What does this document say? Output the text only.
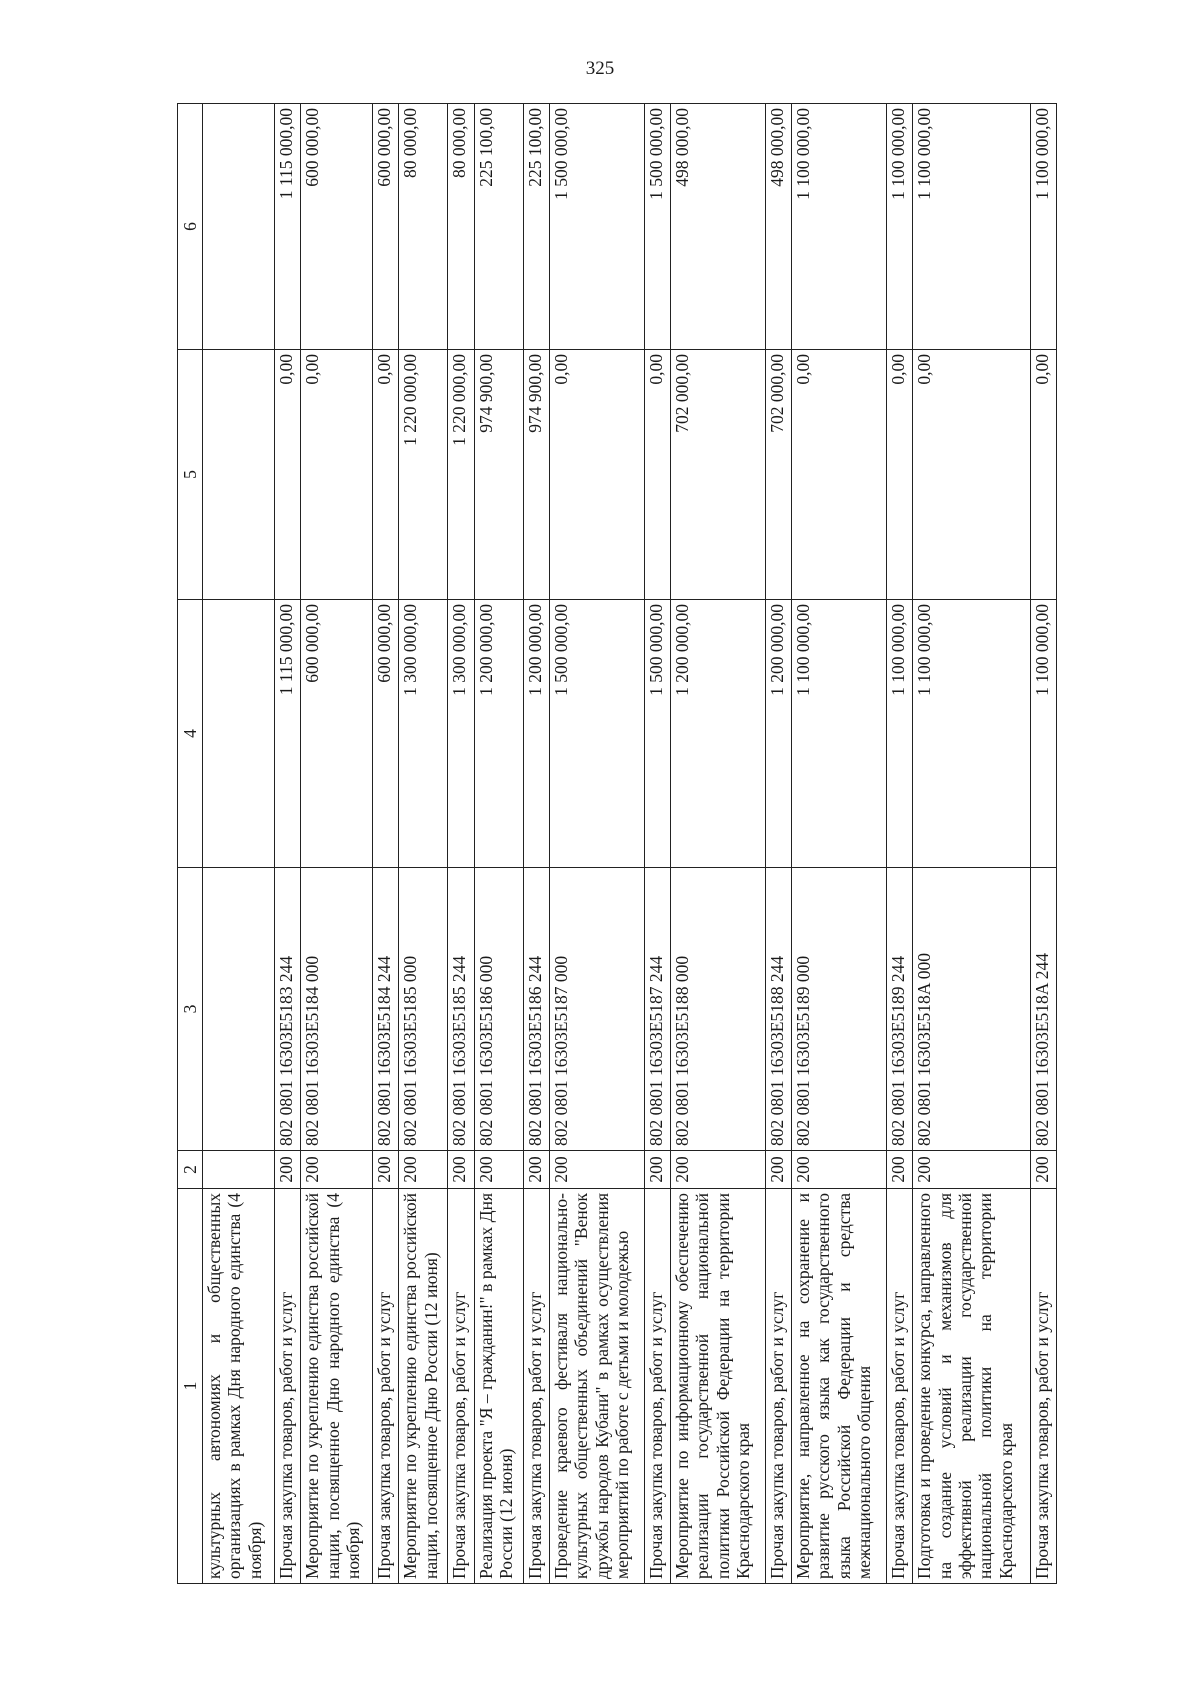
325
1	2	3	4	5	6
культурных автономиях и общественных организациях в рамках Дня народного единства (4 ноября)					
Прочая закупка товаров, работ и услуг	200	802 0801 16303E5183 244	1 115 000,00	0,00	1 115 000,00
Мероприятие по укреплению единства российской нации, посвященное Дню народного единства (4 ноября)	200	802 0801 16303E5184 000	600 000,00	0,00	600 000,00
Прочая закупка товаров, работ и услуг	200	802 0801 16303E5184 244	600 000,00	0,00	600 000,00
Мероприятие по укреплению единства российской нации, посвященное Дню России (12 июня)	200	802 0801 16303E5185 000	1 300 000,00	1 220 000,00	80 000,00
Прочая закупка товаров, работ и услуг	200	802 0801 16303E5185 244	1 300 000,00	1 220 000,00	80 000,00
Реализация проекта "Я – гражданин!" в рамках Дня России (12 июня)	200	802 0801 16303E5186 000	1 200 000,00	974 900,00	225 100,00
Прочая закупка товаров, работ и услуг	200	802 0801 16303E5186 244	1 200 000,00	974 900,00	225 100,00
Проведение краевого фестиваля национально-культурных общественных объединений "Венок дружбы народов Кубани" в рамках осуществления мероприятий по работе с детьми и молодежью	200	802 0801 16303E5187 000	1 500 000,00	0,00	1 500 000,00
Прочая закупка товаров, работ и услуг	200	802 0801 16303E5187 244	1 500 000,00	0,00	1 500 000,00
Мероприятие по информационному обеспечению реализации государственной национальной политики Российской Федерации на территории Краснодарского края	200	802 0801 16303E5188 000	1 200 000,00	702 000,00	498 000,00
Прочая закупка товаров, работ и услуг	200	802 0801 16303E5188 244	1 200 000,00	702 000,00	498 000,00
Мероприятие, направленное на сохранение и развитие русского языка как государственного языка Российской Федерации и средства межнационального общения	200	802 0801 16303E5189 000	1 100 000,00	0,00	1 100 000,00
Прочая закупка товаров, работ и услуг	200	802 0801 16303E5189 244	1 100 000,00	0,00	1 100 000,00
Подготовка и проведение конкурса, направленного на создание условий и механизмов для эффективной реализации государственной национальной политики на территории Краснодарского края	200	802 0801 16303E518A 000	1 100 000,00	0,00	1 100 000,00
Прочая закупка товаров, работ и услуг	200	802 0801 16303E518A 244	1 100 000,00	0,00	1 100 000,00
